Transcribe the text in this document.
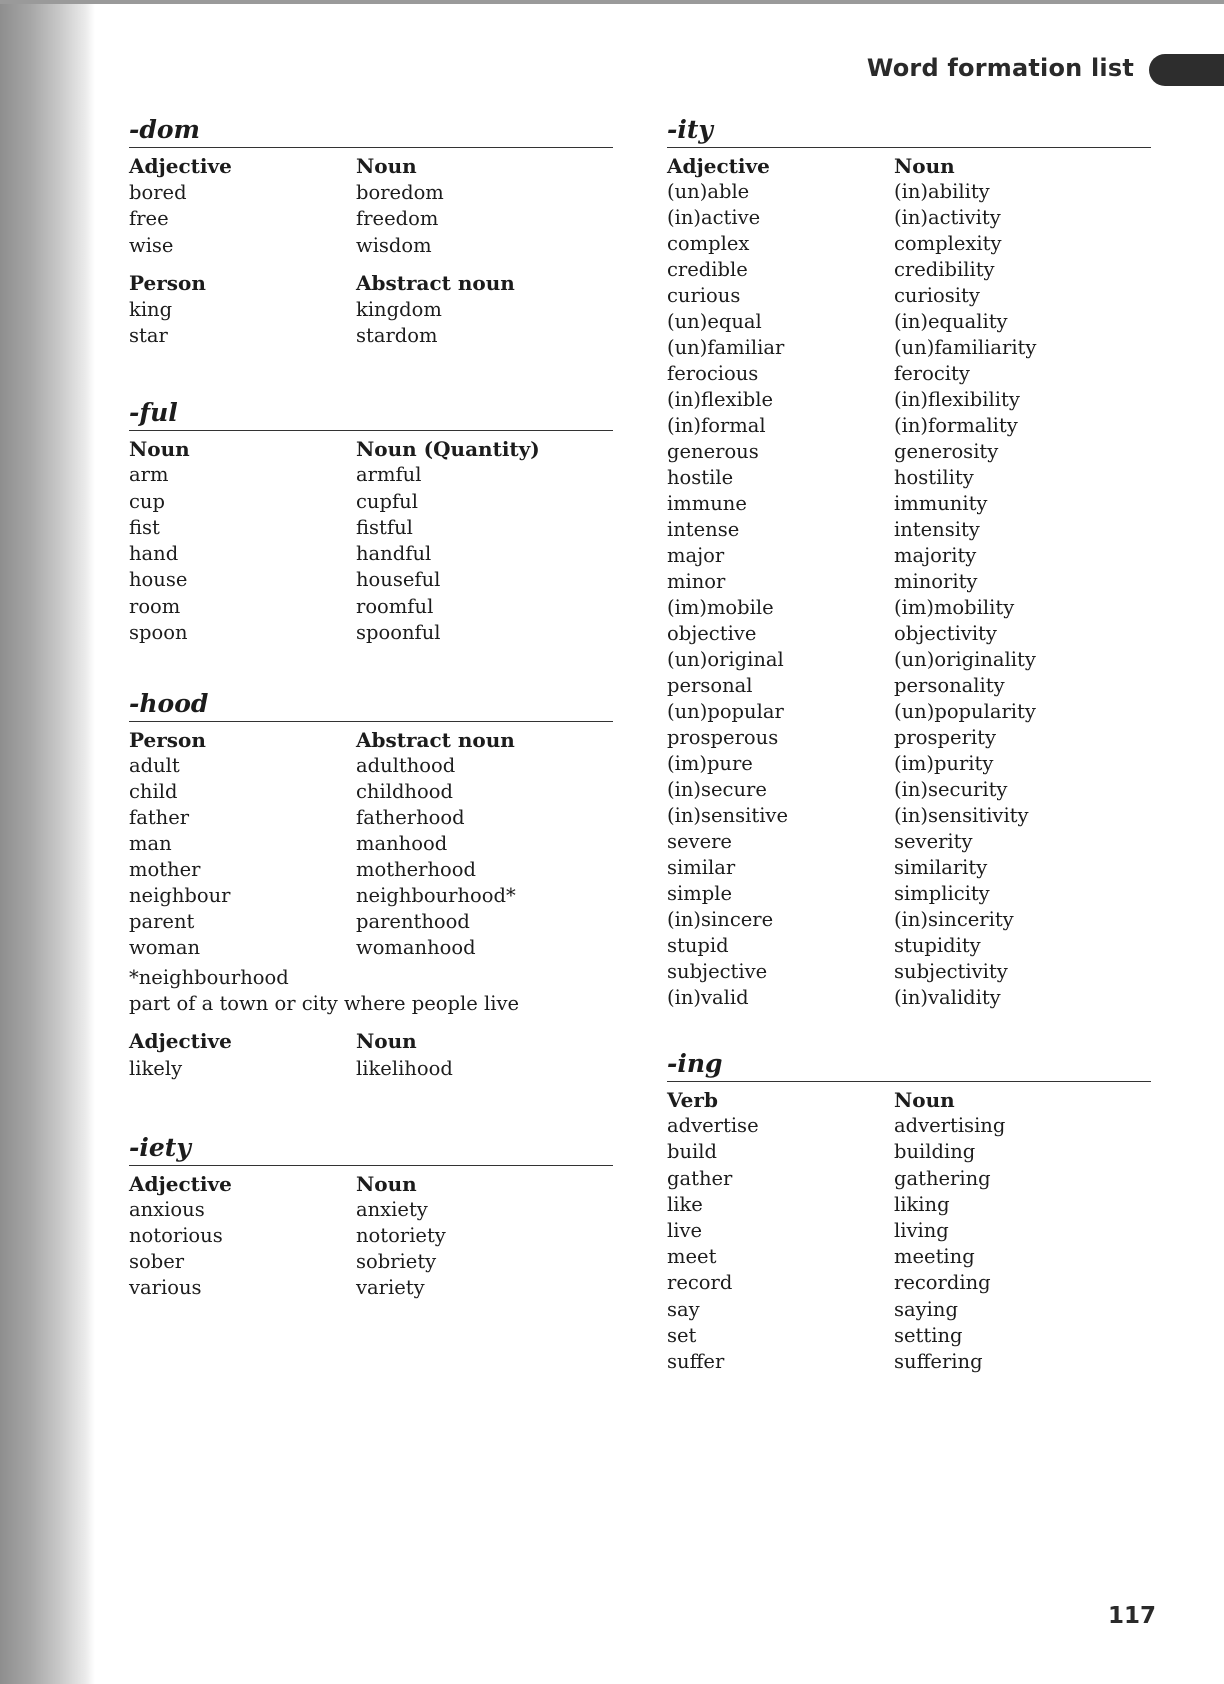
Word formation list
-dom
Adjective	Noun
bored	boredom
free	freedom
wise	wisdom
Person	Abstract noun
king	kingdom
star	stardom
-ful
Noun	Noun (Quantity)
arm	armful
cup	cupful
fist	fistful
hand	handful
house	houseful
room	roomful
spoon	spoonful
-hood
Person	Abstract noun
adult	adulthood
child	childhood
father	fatherhood
man	manhood
mother	motherhood
neighbour	neighbourhood*
parent	parenthood
woman	womanhood
*neighbourhood
part of a town or city where people live
Adjective	Noun
likely	likelihood
-iety
Adjective	Noun
anxious	anxiety
notorious	notoriety
sober	sobriety
various	variety
-ity
Adjective	Noun
(un)able	(in)ability
(in)active	(in)activity
complex	complexity
credible	credibility
curious	curiosity
(un)equal	(in)equality
(un)familiar	(un)familiarity
ferocious	ferocity
(in)flexible	(in)flexibility
(in)formal	(in)formality
generous	generosity
hostile	hostility
immune	immunity
intense	intensity
major	majority
minor	minority
(im)mobile	(im)mobility
objective	objectivity
(un)original	(un)originality
personal	personality
(un)popular	(un)popularity
prosperous	prosperity
(im)pure	(im)purity
(in)secure	(in)security
(in)sensitive	(in)sensitivity
severe	severity
similar	similarity
simple	simplicity
(in)sincere	(in)sincerity
stupid	stupidity
subjective	subjectivity
(in)valid	(in)validity
-ing
Verb	Noun
advertise	advertising
build	building
gather	gathering
like	liking
live	living
meet	meeting
record	recording
say	saying
set	setting
suffer	suffering
117
